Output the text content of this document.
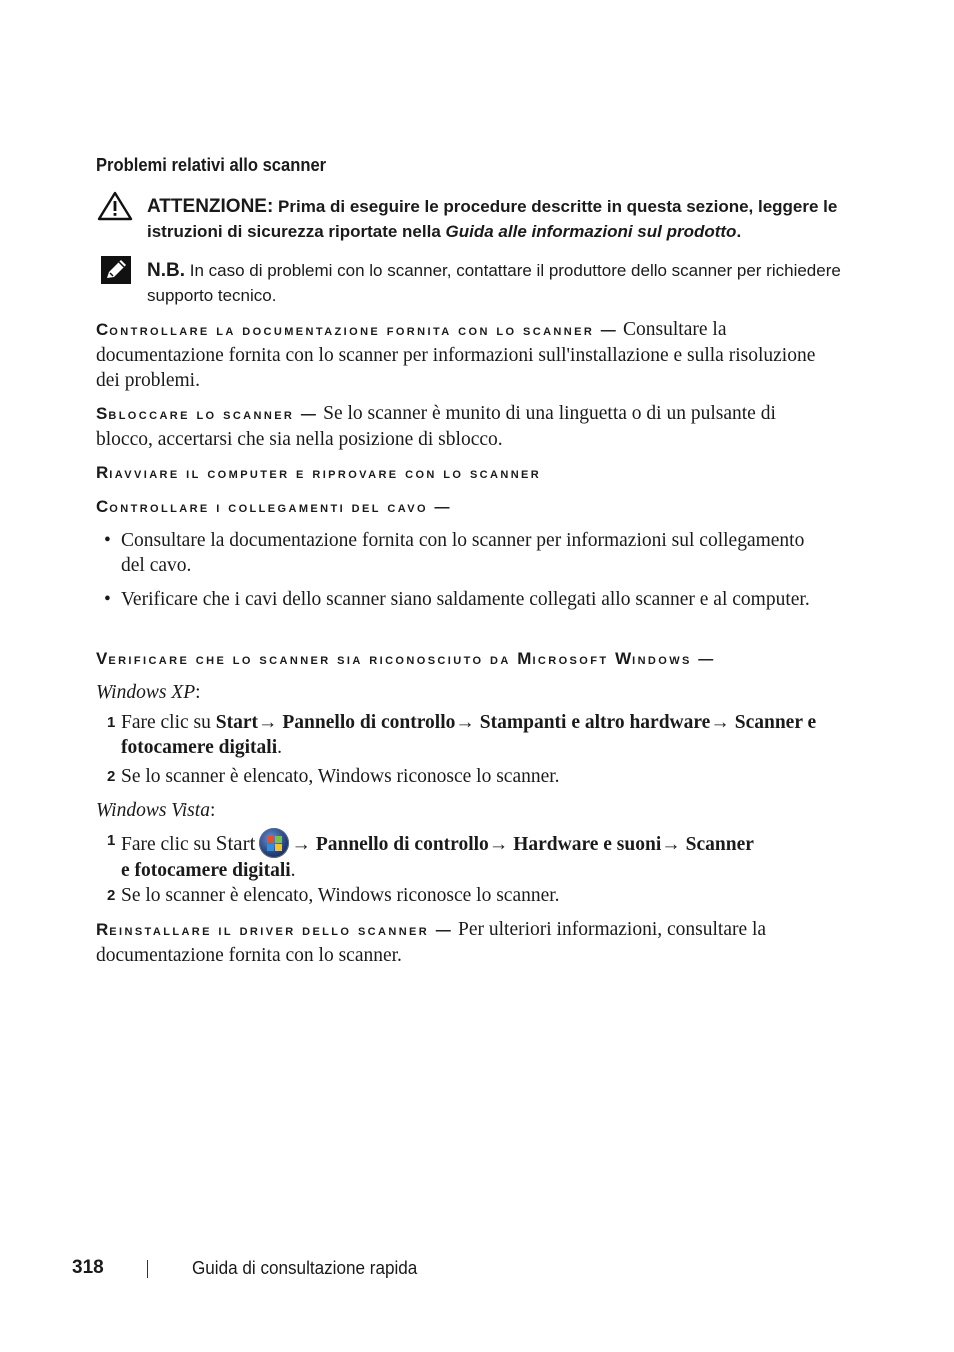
Problemi relativi allo scanner
ATTENZIONE: Prima di eseguire le procedure descritte in questa sezione, leggere le istruzioni di sicurezza riportate nella Guida alle informazioni sul prodotto.
N.B. In caso di problemi con lo scanner, contattare il produttore dello scanner per richiedere supporto tecnico.
Controllare la documentazione fornita con lo scanner — Consultare la documentazione fornita con lo scanner per informazioni sull'installazione e sulla risoluzione dei problemi.
Sbloccare lo scanner — Se lo scanner è munito di una linguetta o di un pulsante di blocco, accertarsi che sia nella posizione di sblocco.
Riavviare il computer e riprovare con lo scanner
Controllare i collegamenti del cavo —
• Consultare la documentazione fornita con lo scanner per informazioni sul collegamento del cavo.
• Verificare che i cavi dello scanner siano saldamente collegati allo scanner e al computer.
Verificare che lo scanner sia riconosciuto da Microsoft Windows —
Windows XP:
1 Fare clic su Start→ Pannello di controllo→ Stampanti e altro hardware→ Scanner e fotocamere digitali.
2 Se lo scanner è elencato, Windows riconosce lo scanner.
Windows Vista:
1 Fare clic su Start → Pannello di controllo→ Hardware e suoni→ Scanner
e fotocamere digitali.
2 Se lo scanner è elencato, Windows riconosce lo scanner.
Reinstallare il driver dello scanner — Per ulteriori informazioni, consultare la documentazione fornita con lo scanner.
318	Guida di consultazione rapida
